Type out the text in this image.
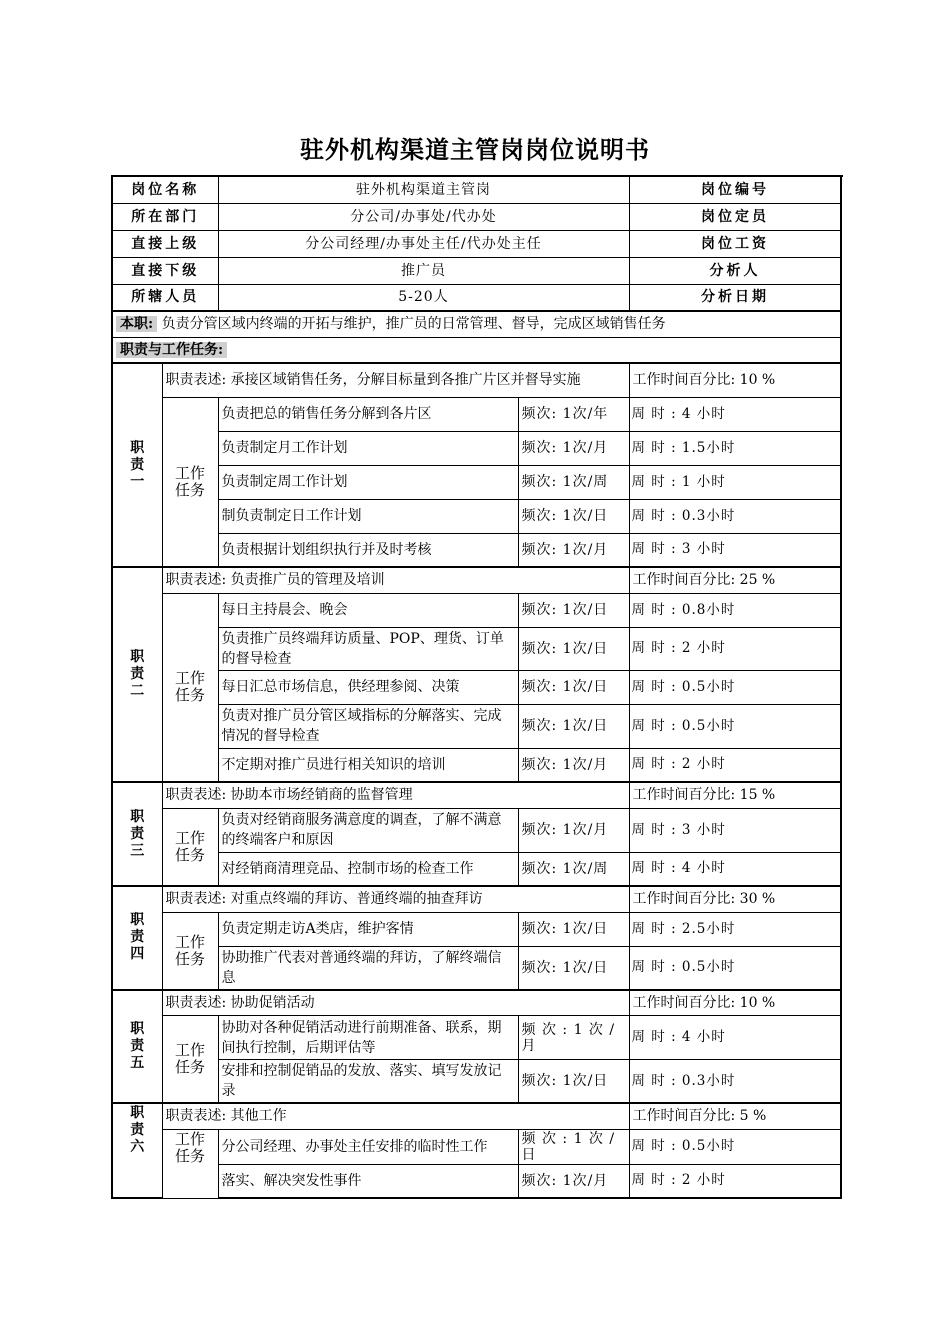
驻外机构渠道主管岗岗位说明书
岗位名称		驻外机构渠道主管岗		岗位编号	
所在部门		分公司/办事处/代办处		岗位定员	
直接上级		分公司经理/办事处主任/代办处主任		岗位工资	
直接下级		推广员		分析人	
所辖人员		5-20人		分析日期	
本职: 负责分管区域内终端的开拓与维护，推广员的日常管理、督导，完成区域销售任务					
职责与工作任务:					

职
责
一	职责表述: 承接区域销售任务，分解目标量到各推广片区并督导实施			工作时间百分比: 10 %	

	工作
任务	负责把总的销售任务分解到各片区	频次: 1次/年	周 时 : 4 小时	
		负责制定月工作计划	频次: 1次/月	周 时 : 1.5小时	
		负责制定周工作计划	频次: 1次/周	周 时 : 1 小时	
		制负责制定日工作计划	频次: 1次/日	周 时 : 0.3小时	
		负责根据计划组织执行并及时考核	频次: 1次/月	周 时 : 3 小时	

职
责
二	职责表述: 负责推广员的管理及培训			工作时间百分比: 25 %	

	工作
任务	每日主持晨会、晚会	频次: 1次/日	周 时 : 0.8小时	
		负责推广员终端拜访质量、POP、理货、订单的督导检查	频次: 1次/日	周 时 : 2 小时	
		每日汇总市场信息，供经理参阅、决策	频次: 1次/日	周 时 : 0.5小时	
		负责对推广员分管区域指标的分解落实、完成情况的督导检查	频次: 1次/日	周 时 : 0.5小时	
		不定期对推广员进行相关知识的培训	频次: 1次/月	周 时 : 2 小时	

职
责
三	职责表述: 协助本市场经销商的监督管理			工作时间百分比: 15 %	

	工作
任务	负责对经销商服务满意度的调查，了解不满意的终端客户和原因	频次: 1次/月	周 时 : 3 小时	
		对经销商清理竞品、控制市场的检查工作	频次: 1次/周	周 时 : 4 小时	

职
责
四	职责表述: 对重点终端的拜访、普通终端的抽查拜访			工作时间百分比: 30 %	

	工作
任务	负责定期走访A类店，维护客情	频次: 1次/日	周 时 : 2.5小时	
		协助推广代表对普通终端的拜访，了解终端信息	频次: 1次/日	周 时 : 0.5小时	

职
责
五	职责表述: 协助促销活动			工作时间百分比: 10 %	

	工作
任务	协助对各种促销活动进行前期准备、联系，期间执行控制，后期评估等	频 次 : 1 次 /月	周 时 : 4 小时	
		安排和控制促销品的发放、落实、填写发放记录	频次: 1次/日	周 时 : 0.3小时	

职
责
六	职责表述: 其他工作			工作时间百分比: 5 %	

	工作
任务	分公司经理、办事处主任安排的临时性工作	频 次 : 1 次 /日	周 时 : 0.5小时	
		落实、解决突发性事件	频次: 1次/月	周 时 : 2 小时	
